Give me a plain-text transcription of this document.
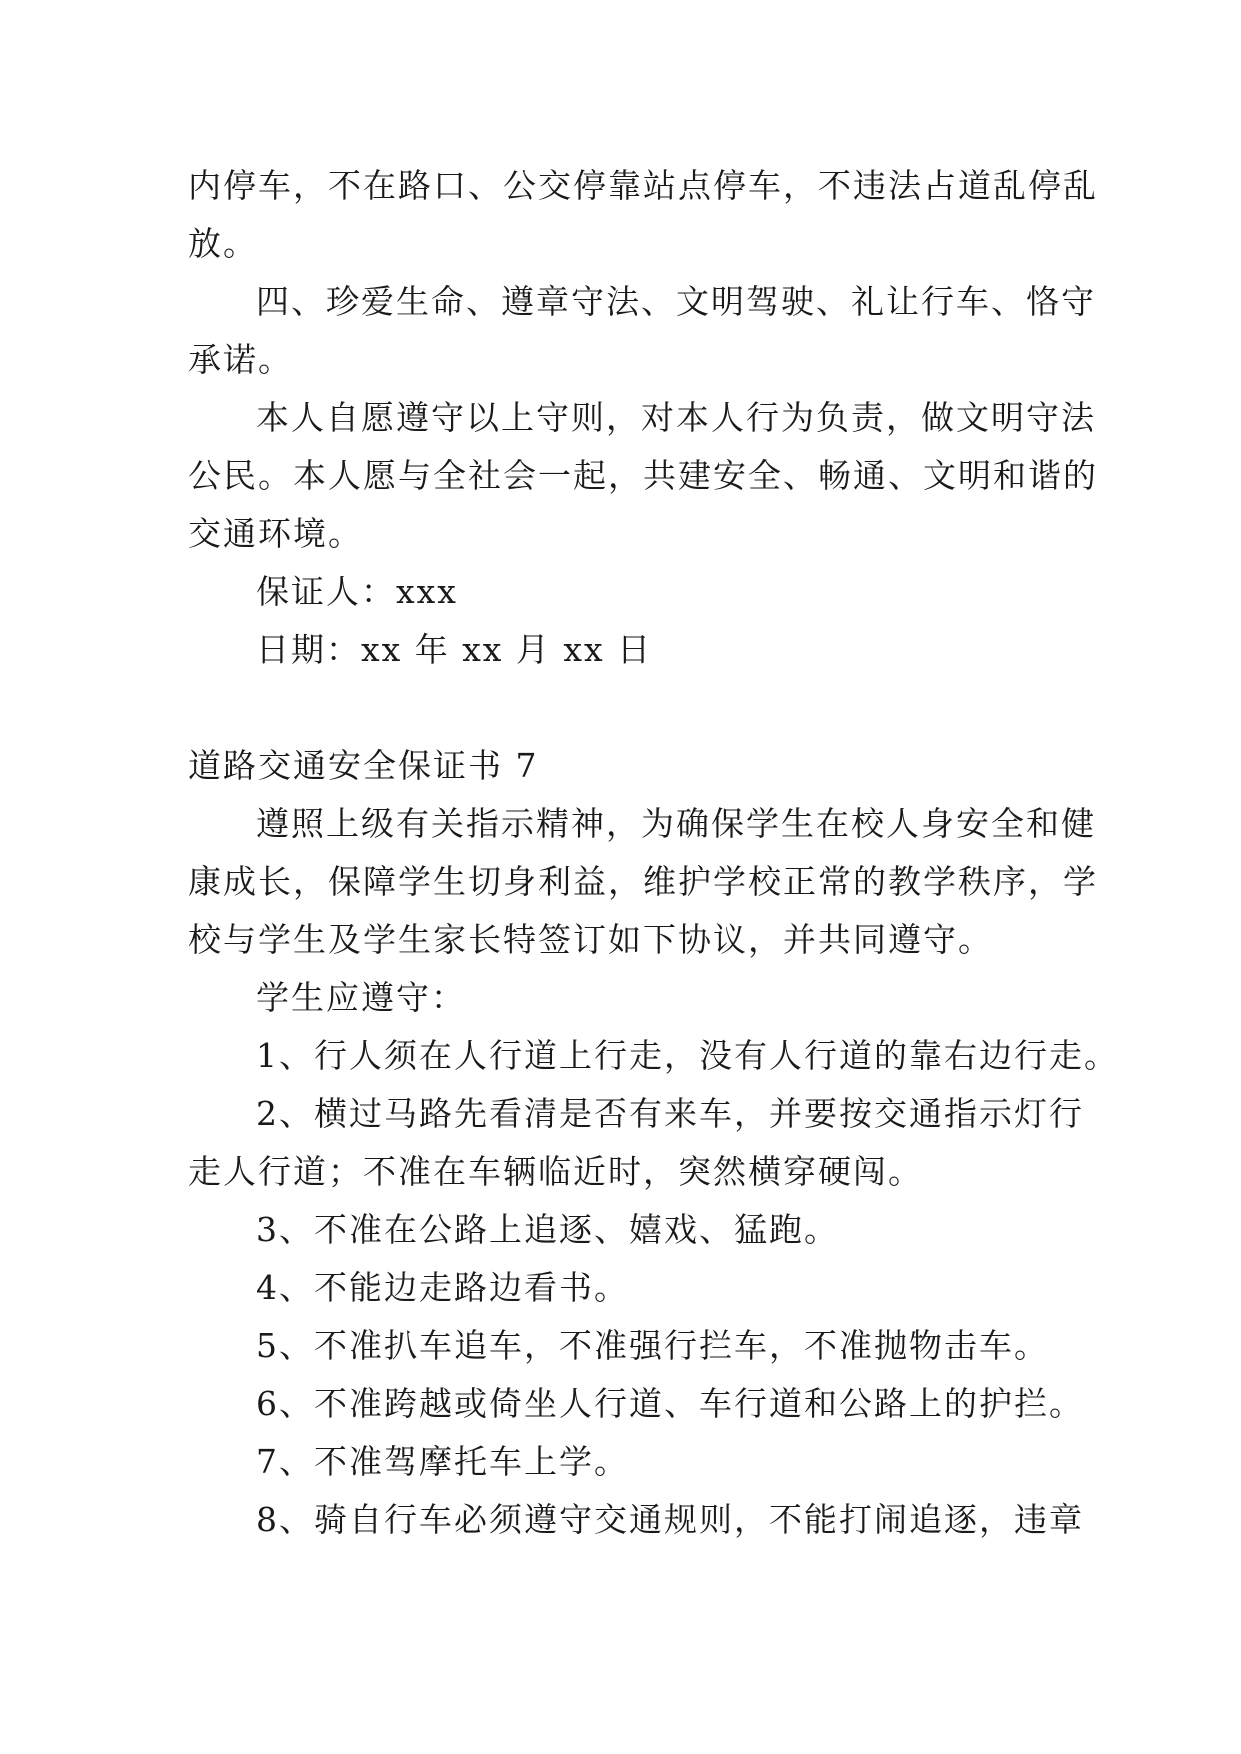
内停车，不在路口、公交停靠站点停车，不违法占道乱停乱
放。
四、珍爱生命、遵章守法、文明驾驶、礼让行车、恪守
承诺。
本人自愿遵守以上守则，对本人行为负责，做文明守法
公民。本人愿与全社会一起，共建安全、畅通、文明和谐的
交通环境。
保证人：xxx
日期：xx 年 xx 月 xx 日
道路交通安全保证书 7
遵照上级有关指示精神，为确保学生在校人身安全和健
康成长，保障学生切身利益，维护学校正常的教学秩序，学
校与学生及学生家长特签订如下协议，并共同遵守。
学生应遵守：
1、行人须在人行道上行走，没有人行道的靠右边行走。
2、横过马路先看清是否有来车，并要按交通指示灯行
走人行道；不准在车辆临近时，突然横穿硬闯。
3、不准在公路上追逐、嬉戏、猛跑。
4、不能边走路边看书。
5、不准扒车追车，不准强行拦车，不准抛物击车。
6、不准跨越或倚坐人行道、车行道和公路上的护拦。
7、不准驾摩托车上学。
8、骑自行车必须遵守交通规则，不能打闹追逐，违章
